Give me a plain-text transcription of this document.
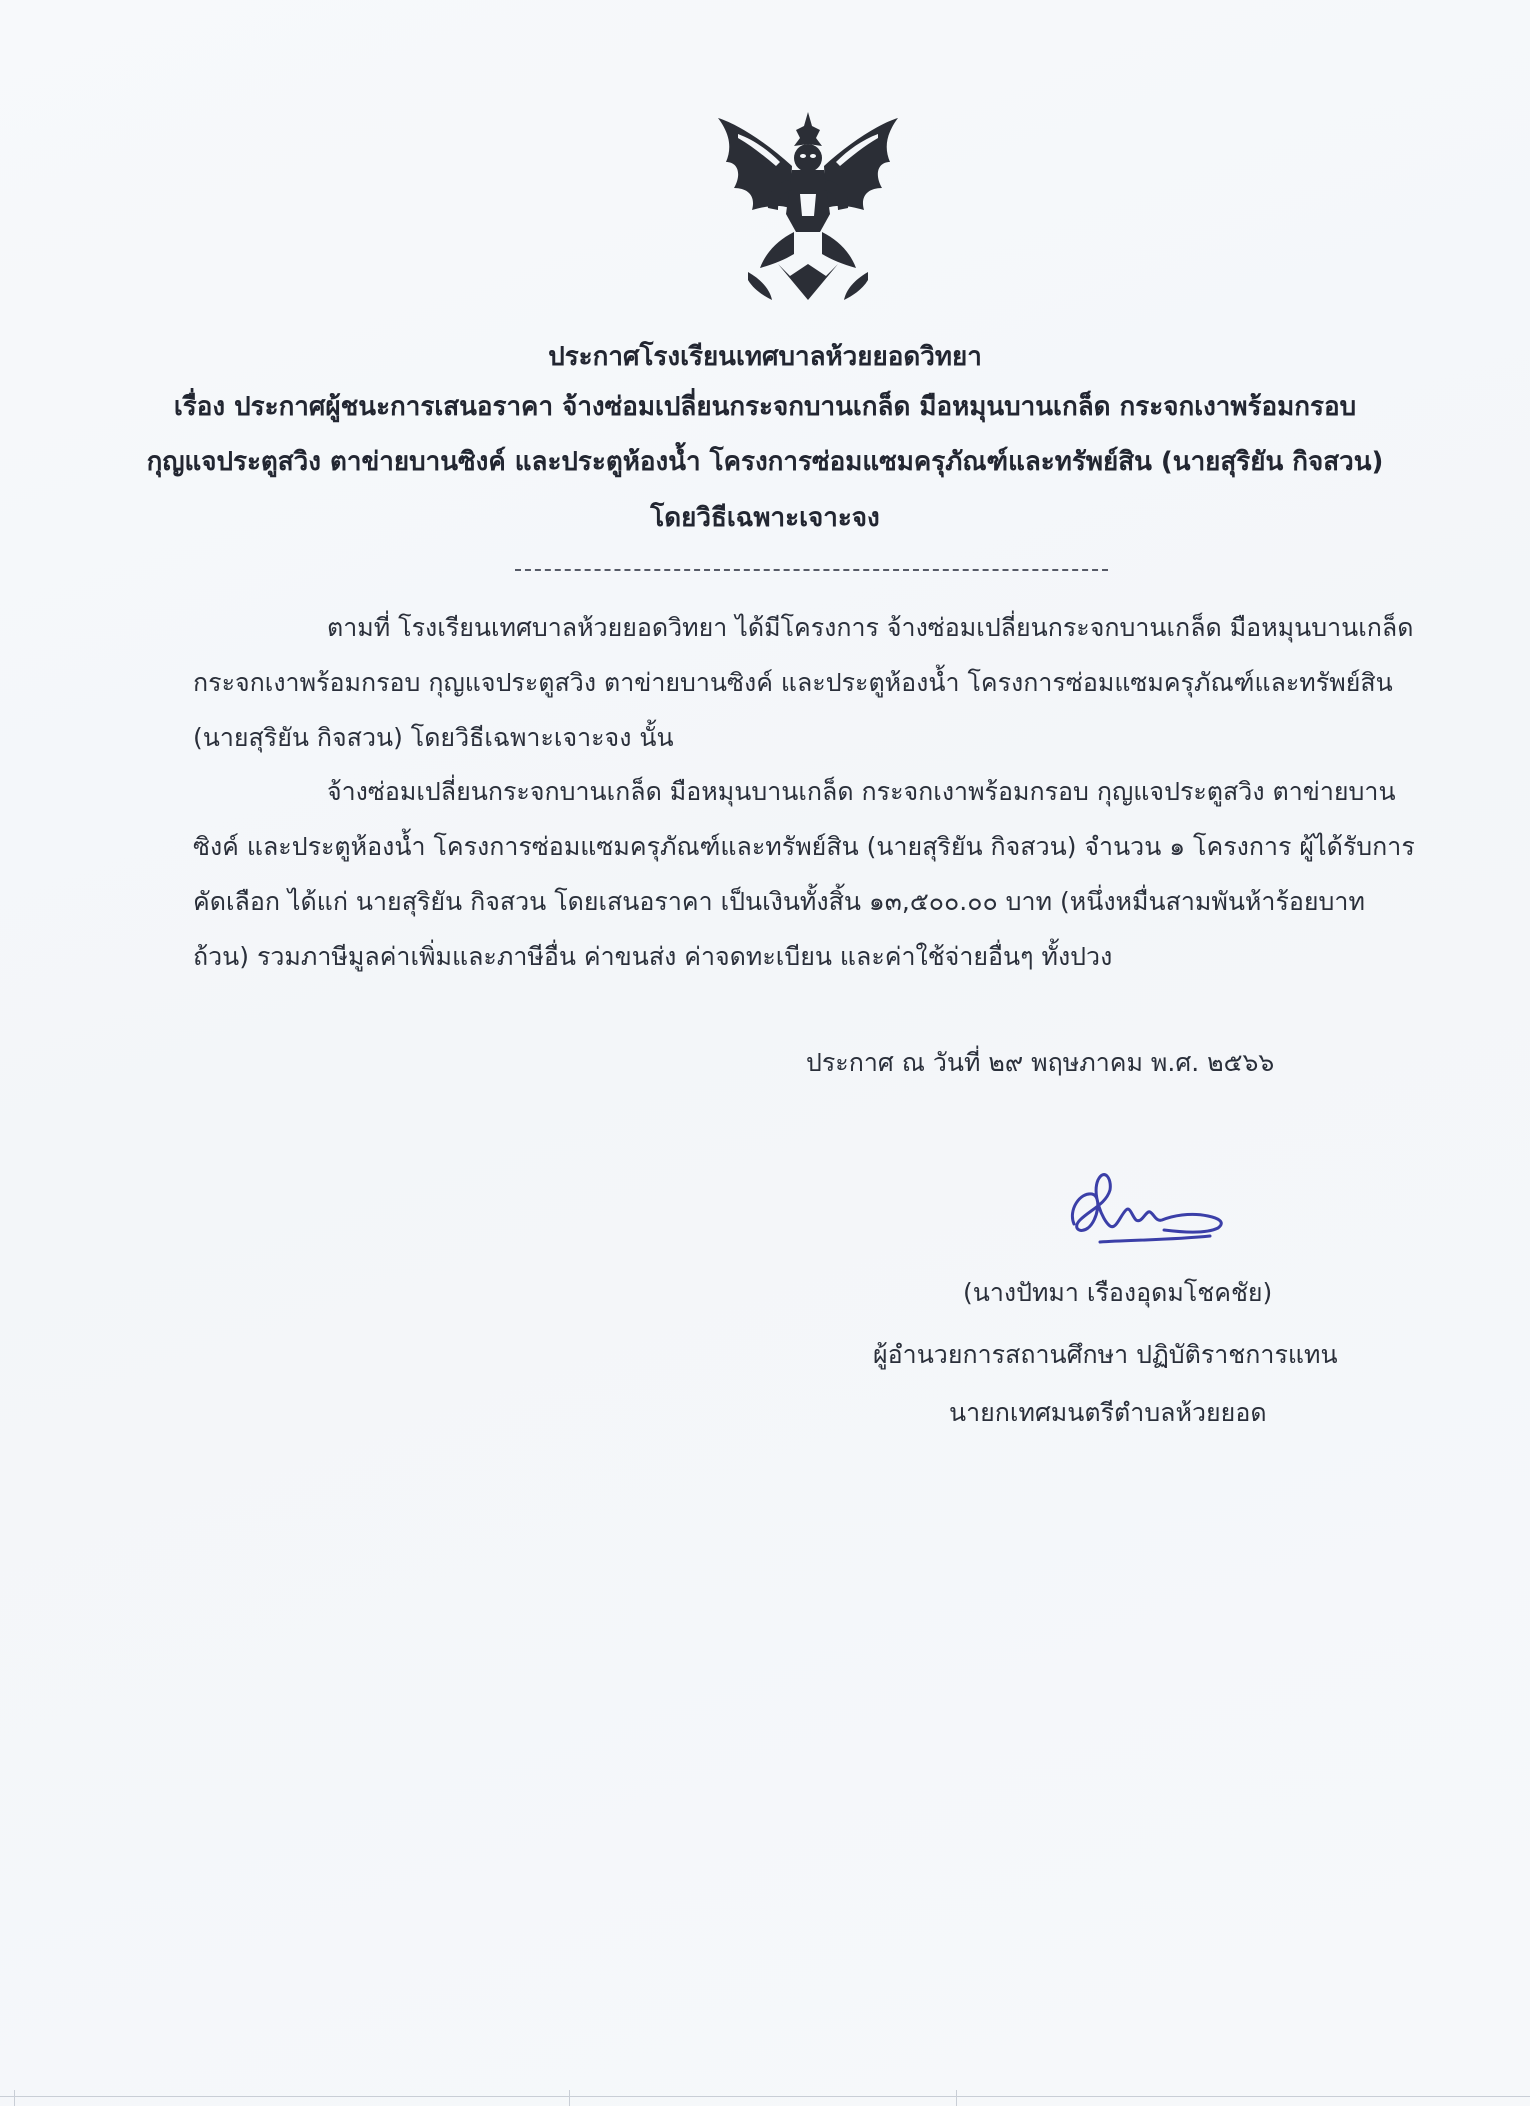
ประกาศโรงเรียนเทศบาลห้วยยอดวิทยา
เรื่อง ประกาศผู้ชนะการเสนอราคา จ้างซ่อมเปลี่ยนกระจกบานเกล็ด มือหมุนบานเกล็ด กระจกเงาพร้อมกรอบ
กุญแจประตูสวิง ตาข่ายบานซิงค์ และประตูห้องน้ำ โครงการซ่อมแซมครุภัณฑ์และทรัพย์สิน (นายสุริยัน กิจสวน)
โดยวิธีเฉพาะเจาะจง
ตามที่ โรงเรียนเทศบาลห้วยยอดวิทยา ได้มีโครงการ จ้างซ่อมเปลี่ยนกระจกบานเกล็ด มือหมุนบานเกล็ด
กระจกเงาพร้อมกรอบ กุญแจประตูสวิง ตาข่ายบานซิงค์ และประตูห้องน้ำ โครงการซ่อมแซมครุภัณฑ์และทรัพย์สิน
(นายสุริยัน กิจสวน) โดยวิธีเฉพาะเจาะจง นั้น
จ้างซ่อมเปลี่ยนกระจกบานเกล็ด มือหมุนบานเกล็ด กระจกเงาพร้อมกรอบ กุญแจประตูสวิง ตาข่ายบาน
ซิงค์ และประตูห้องน้ำ โครงการซ่อมแซมครุภัณฑ์และทรัพย์สิน (นายสุริยัน กิจสวน) จำนวน ๑ โครงการ ผู้ได้รับการ
คัดเลือก ได้แก่ นายสุริยัน กิจสวน โดยเสนอราคา เป็นเงินทั้งสิ้น ๑๓,๕๐๐.๐๐ บาท (หนึ่งหมื่นสามพันห้าร้อยบาท
ถ้วน) รวมภาษีมูลค่าเพิ่มและภาษีอื่น ค่าขนส่ง ค่าจดทะเบียน และค่าใช้จ่ายอื่นๆ ทั้งปวง
ประกาศ ณ วันที่ ๒๙ พฤษภาคม พ.ศ. ๒๕๖๖
(นางปัทมา เรืองอุดมโชคชัย)
ผู้อำนวยการสถานศึกษา ปฏิบัติราชการแทน
นายกเทศมนตรีตำบลห้วยยอด
